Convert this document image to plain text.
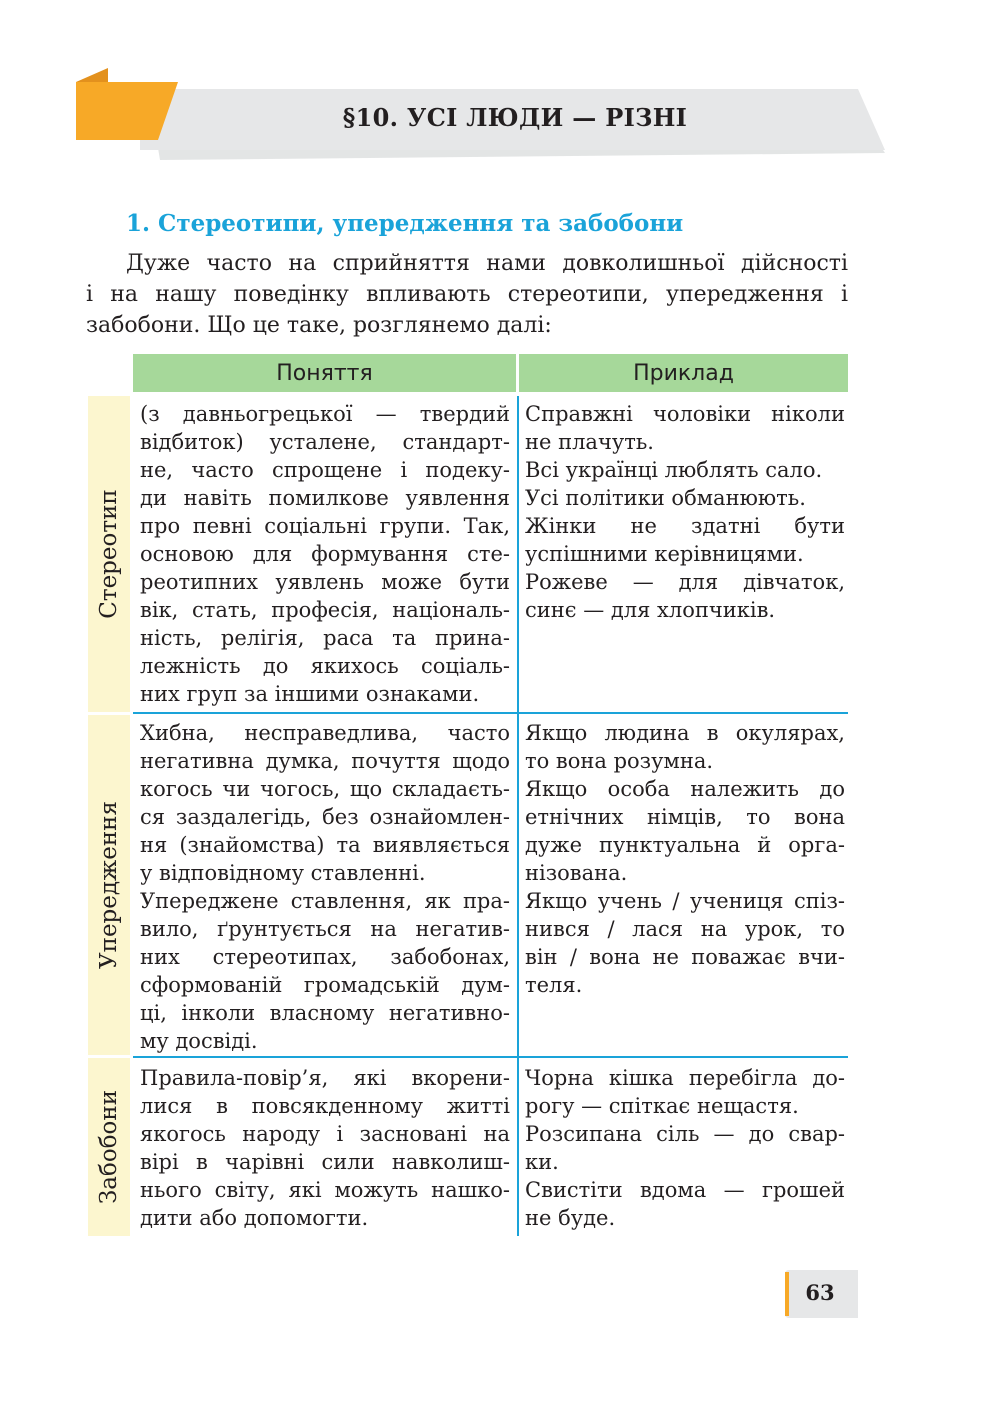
§10. УСІ ЛЮДИ — РІЗНІ
1. Стереотипи, упередження та забобони
Дуже часто на сприйняття нами довколишньої дійсності
і на нашу поведінку впливають стереотипи, упередження і
забобони. Що це таке, розглянемо далі:
Поняття	Приклад
Стереотип
Упередження
Забобони
(з давньогрецької — твердий
відбиток) усталене, стандарт-
не, часто спрощене і подеку-
ди навіть помилкове уявлення
про певні соціальні групи. Так,
основою для формування сте-
реотипних уявлень може бути
вік, стать, професія, національ-
ність, релігія, раса та прина-
лежність до якихось соціаль-
них груп за іншими ознаками.
Справжні чоловіки ніколи
не плачуть.
Всі українці люблять сало.
Усі політики обманюють.
Жінки не здатні бути
успішними керівницями.
Рожеве — для дівчаток,
синє — для хлопчиків.
Хибна, несправедлива, часто
негативна думка, почуття щодо
когось чи чогось, що складаєть-
ся заздалегідь, без ознайомлен-
ня (знайомства) та виявляється
у відповідному ставленні.
Упереджене ставлення, як пра-
вило, ґрунтується на негатив-
них стереотипах, забобонах,
сформованій громадській дум-
ці, інколи власному негативно-
му досвіді.
Якщо людина в окулярах,
то вона розумна.
Якщо особа належить до
етнічних німців, то вона
дуже пунктуальна й орга-
нізована.
Якщо учень / учениця спіз-
нився / лася на урок, то
він / вона не поважає вчи-
теля.
Правила-повір’я, які вкорени-
лися в повсякденному житті
якогось народу і засновані на
вірі в чарівні сили навколиш-
нього світу, які можуть нашко-
дити або допомогти.
Чорна кішка перебігла до-
рогу — спіткає нещастя.
Розсипана сіль — до свар-
ки.
Свистіти вдома — грошей
не буде.
63
